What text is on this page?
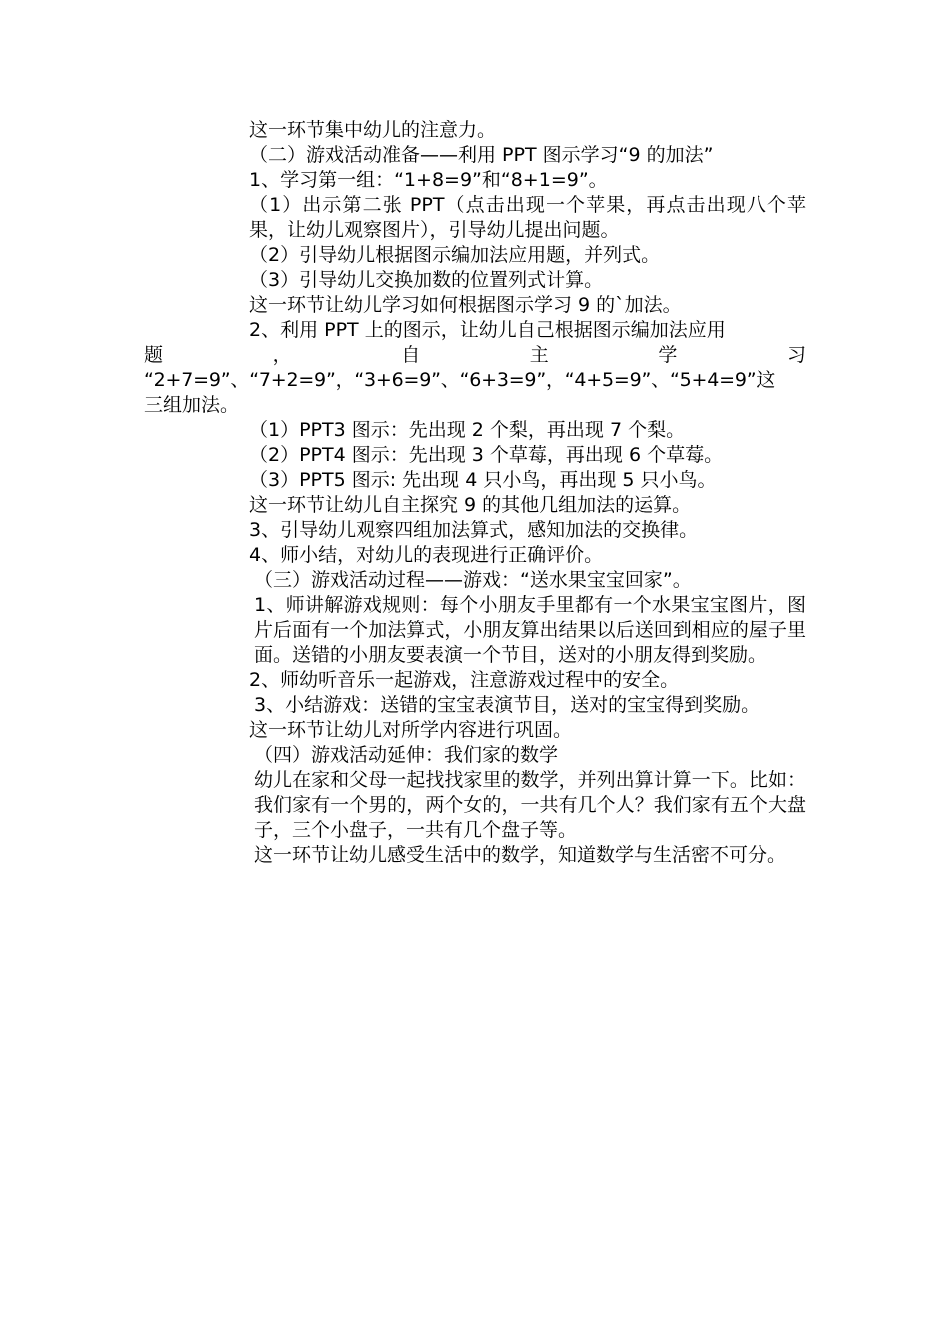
这一环节集中幼儿的注意力。

（二）游戏活动准备——利用 PPT 图示学习“9 的加法”

1、学习第一组：“1+8=9”和“8+1=9”。

（1）出示第二张 PPT（点击出现一个苹果，再点击出现八个苹果，让幼儿观察图片），引导幼儿提出问题。

（2）引导幼儿根据图示编加法应用题，并列式。

（3）引导幼儿交换加数的位置列式计算。

这一环节让幼儿学习如何根据图示学习 9 的`加法。

2、利用 PPT 上的图示，让幼儿自己根据图示编加法应用

题	，	自	主	学	习

“2+7=9”、“7+2=9”，“3+6=9”、“6+3=9”，“4+5=9”、“5+4=9”这

三组加法。

（1）PPT3 图示：先出现 2 个梨，再出现 7 个梨。

（2）PPT4 图示：先出现 3 个草莓，再出现 6 个草莓。

（3）PPT5 图示: 先出现 4 只小鸟，再出现 5 只小鸟。

这一环节让幼儿自主探究 9 的其他几组加法的运算。

3、引导幼儿观察四组加法算式，感知加法的交换律。

4、师小结，对幼儿的表现进行正确评价。

（三）游戏活动过程——游戏：“送水果宝宝回家”。

1、师讲解游戏规则：每个小朋友手里都有一个水果宝宝图片，图片后面有一个加法算式，小朋友算出结果以后送回到相应的屋子里面。送错的小朋友要表演一个节目，送对的小朋友得到奖励。

2、师幼听音乐一起游戏，注意游戏过程中的安全。

3、小结游戏：送错的宝宝表演节目，送对的宝宝得到奖励。

这一环节让幼儿对所学内容进行巩固。

（四）游戏活动延伸：我们家的数学

幼儿在家和父母一起找找家里的数学，并列出算计算一下。比如：我们家有一个男的，两个女的，一共有几个人？我们家有五个大盘子，三个小盘子，一共有几个盘子等。

这一环节让幼儿感受生活中的数学，知道数学与生活密不可分。
